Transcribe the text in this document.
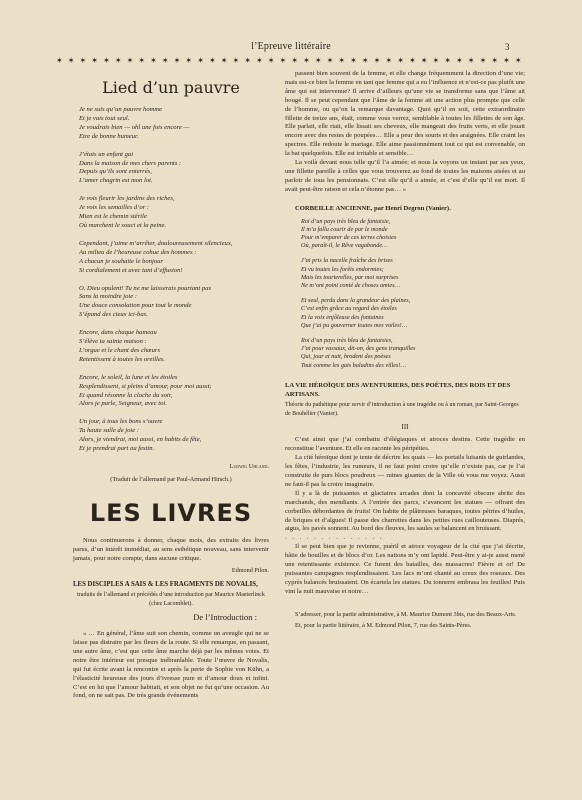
l’Epreuve littéraire	3
✶ ✶ ✶ ✶ ✶ ✶ ✶ ✶ ✶ ✶ ✶ ✶ ✶ ✶ ✶ ✶ ✶ ✶ ✶ ✶ ✶ ✶ ✶ ✶ ✶ ✶ ✶ ✶ ✶ ✶ ✶ ✶ ✶ ✶ ✶ ✶ ✶ ✶ ✶ ✶
Lied d’un pauvre
Je ne suis qu’un pauvre homme
Et je vais tout seul.
Je voudrais bien — ohl une fois encore —
Etre de bonne humeur.
J’étais un enfant gai
Dans la maison de mes chers parents :
Depuis qu’ils sont enterrés,
L’amer chagrin est mon lot.
Je vois fleurir les jardins des riches,
Je vois les semailles d’or :
Mien est le chemin stérile
Où marchent le souci et la peine.
Cependant, j’aime m’arrêter, douloureusement silencieux,
Au milieu de l’heureuse cohue des hommes :
A chacun je souhaite le bonjour
Si cordialement et avec tant d’effusion!
O. Dieu opulent! Tu ne me laisserais pourtant pas
Sans la moindre joie :
Une douce consolation pour tout le monde
S’épand des cieux ici-bas.
Encore, dans chaque hameau
S’élève ta sainte maison :
L’orgue et le chant des chœurs
Retentissent à toutes les oreilles.
Encore, le soleil, la lune et les étoiles
Resplendissent, si pleins d’amour, pour moi aussi;
Et quand résonne la cloche du soir,
Alors je parle, Seigneur, avec toi.
Un jour, à tous les bons s’ouvre
Ta haute salle de joie :
Alors, je viendrai, moi aussi, en habits de fête,
Et je prendrai part au festin.
Ludwig Uhland.
(Traduit de l’allemand par Paul-Armand Hirsch.)
LES LIVRES

Nous continuerons à donner, chaque mois, des extraits des livres parus, d’un intérêt immédiat, au sens esthétique nouveau, sans intervenir jamais, pour notre compte, dans aucune critique.

Edmond Pilon.
LES DISCIPLES A SAIS & LES FRAGMENTS DE NOVALIS,
traduits de l’allemand et précédés d’une introduction par Maurice Maeterlinck (chez Lacomblet).
De l’Introduction :

« … En général, l’âme suit son chemin, comme un aveugle qui ne se laisse pas distraire par les fleurs de la route. Si elle remarque, en passant, une autre âme, c’est que cette âme marche déjà par les mêmes voies. Et notre être intérieur est presque inébranlable. Toute l’œuvre de Novalis, qui fut écrite avant la rencontre et après la perte de Sophie von Kühn, a l’élasticité heureuse des jours d’ivresse pure et d’amour doux et infini. C’est en lui que l’amour habitait, et son objet ne fut qu’une occasion. Au fond, on ne sait pas. De très grands événements

passent bien souvent de la femme, et elle change fréquemment la direction d’une vie; mais est-ce bien la femme en tant que femme qui a eu l’influence et n’est-ce pas plutôt une âme qui est intervenue? Il arrive d’ailleurs qu’une vie se transforme sans que l’âme ait bougé. Il se peut cependant que l’âme de la femme ait une action plus prompte que celle de l’homme, ou qu’on la remarque davantage. Quoi qu’il en soit, cette extraordinaire fillette de treize ans, était, comme vous verrez, semblable à toutes les fillettes de son âge. Elle parlait, elle riait, elle lissait ses cheveux, elle mangeait des fruits verts, et elle jouait encore avec des restes de poupées… Elle a peur des souris et des araignées. Elle craint les spectres. Elle redoute le mariage. Elle aime passionnément tout ce qui est convenable, on la bat quelquefois. Elle est irritable et sensible…

La voilà devant nous telle qu’il l’a aimée; et nous la voyons un instant par ses yeux, une fillette pareille à celles que vous trouverez au fond de toutes les maisons aisées et au parloir de tous les pensionnats. C’est elle qu’il a aimée, et c’est d’elle qu’il est mort. Il avait peut-être raison et cela n’étonne pas… »

CORBEILLE ANCIENNE, par Henri Degron (Vanier).
Roi d’un pays très bleu de fantaisie,
Il m’a fallu courir de par le monde
Pour m’emparer de ces terres choisies
Où, paraît-il, le Rêve vagabonde…
J’ai pris la nacelle fraîche des brises
Et vu toutes les forêts endormies;
Mais les tourterelles, par moi surprises
Ne m’ont point conté de choses amies…
Et seul, perdu dans la grandeur des plaines,
C’est enfin grâce au regard des étoiles
Et la voix enjôleuse des fontaines
Que j’ai pu gouverner toutes mes voiles!…
Roi d’un pays très bleu de fantaisies,
J’ai pour vassaux, dit-on, des gens tranquilles
Qui, jour et nuit, brodent des poèses
Tout comme les gais baladins des villes!…
LA VIE HÉROÏQUE DES AVENTURIERS, DES POÈTES, DES ROIS ET DES ARTISANS.
Théorie du pathétique pour servir d’introduction à une tragédie ou à un roman, par Saint-Georges de Bouhélier (Vanier).
III

C’est ainsi que j’ai combattu d’élégiaques et atroces destins. Cette tragédie en reconstitue l’aventure. Et elle en raconte les péripéties.

La cité héroïque dont je tente de décrire les quais — les portails luisants de guirlandes, les fêtes, l’industrie, les rumeurs, il ne faut point croire qu’elle n’existe pas, car je l’ai construite de purs blocs poudreux — ruines gisantes de la Ville où vous me voyez. Aussi ne faut-il pas la croire imaginaire.

Il y a là de puissantes et glaciaires arcades dont la concavité obscure abrite des marchands, des mendiants. A l’entrée des parcs, s’avancent les statues — offrant des corbeilles débordantes de fruits! On habite de plâtreuses baraques, toutes pétries d’huiles, de briques et d’algues! Il passe des charrettes dans les petites rues caillouteuses. Diaprés, aigus, les pavés sonnent. Au bord des fleuves, les saules se balancent en bruissant.

. . . . . . . . . . . . . .

Il se peut bien que je revienne, puéril et atroce voyageur de la cité que j’ai décrite, bâtie de houilles et de blocs d’or. Les nations m’y ont lapidé. Peut-être y ai-je aussi mené une retentissante existence. Ce furent des batailles, des massacres! Fièvre et or! De puissantes campagnes resplendissaient. Les lacs m’ont chanté au creux des roseaux. Des cyprès balancés bruissaient. On écartela les statues. Du tonnerre embrasa les feuilles! Puis vint la nuit mauvaise et noire…

S’adresser, pour la partie administrative, à M. Maurice Dumont 3bis, rue des Beaux-Arts.

Et, pour la partie littéraire, à M. Edmond Pilon, 7, rue des Saints-Pères.
